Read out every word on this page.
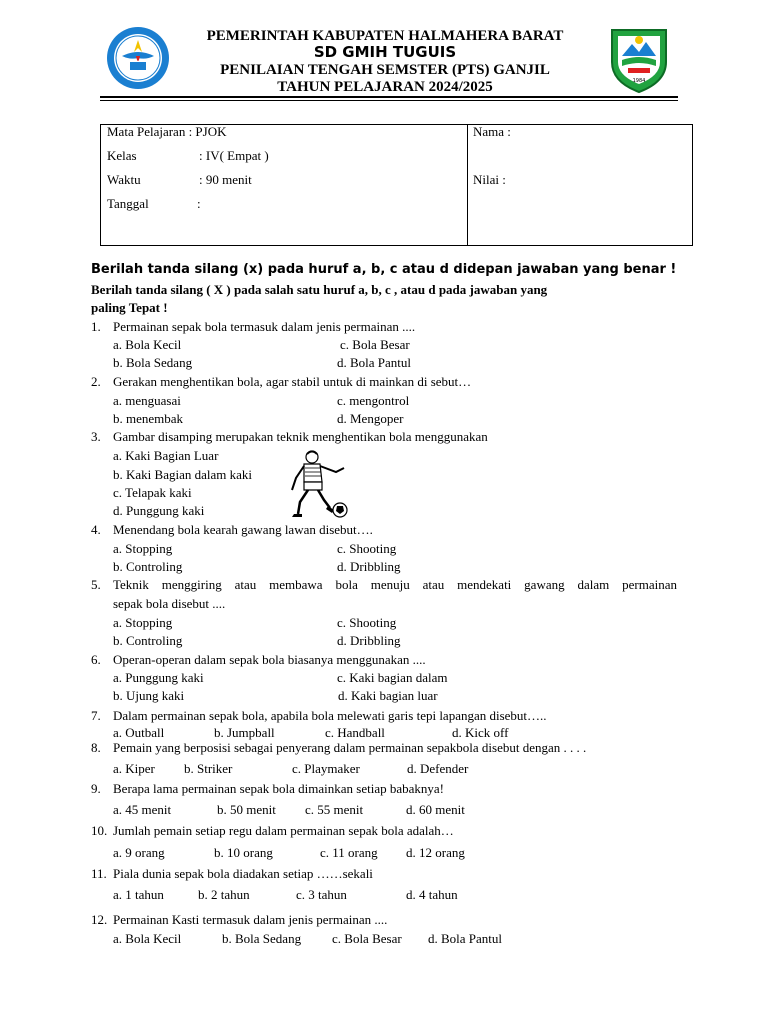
1984
PEMERINTAH KABUPATEN HALMAHERA BARAT
SD GMIH TUGUIS
PENILAIAN TENGAH SEMSTER (PTS) GANJIL
TAHUN PELAJARAN 2024/2025
Mata Pelajaran : PJOK
Kelas	: IV( Empat )
Waktu	: 90 menit
Tanggal	:
Nama :
Nilai :
Berilah tanda silang (x) pada huruf a, b, c atau d didepan jawaban yang benar !
Berilah tanda silang ( X ) pada salah satu huruf a, b, c , atau d pada jawaban yang
paling Tepat !
1. Permainan sepak bola termasuk dalam jenis permainan ....
a. Bola Kecil	c. Bola Besar
b. Bola Sedang	d. Bola Pantul
2. Gerakan menghentikan bola, agar stabil untuk di mainkan di sebut…
a. menguasai	c. mengontrol
b. menembak	d. Mengoper
3. Gambar disamping merupakan teknik menghentikan bola menggunakan
a. Kaki Bagian Luar
b. Kaki Bagian dalam kaki
c. Telapak kaki
d. Punggung kaki
4. Menendang bola kearah gawang lawan disebut….
a. Stopping	c. Shooting
b. Controling	d. Dribbling
5. Teknik menggiring atau membawa bola menuju atau mendekati gawang dalam permainan
sepak bola disebut ....
a. Stopping	c. Shooting
b. Controling	d. Dribbling
6. Operan-operan dalam sepak bola biasanya menggunakan ....
a. Punggung kaki	c. Kaki bagian dalam
b. Ujung kaki	d. Kaki bagian luar
7. Dalam permainan sepak bola, apabila bola melewati garis tepi lapangan disebut…..
a. Outball	b. Jumpball	c. Handball	d. Kick off
8. Pemain yang berposisi sebagai penyerang dalam permainan sepakbola disebut dengan . . . .
a. Kiper b. Striker	c. Playmaker	d. Defender
9. Berapa lama permainan sepak bola dimainkan setiap babaknya!
a. 45 menit	b. 50 menit c. 55 menit	d. 60 menit
10. Jumlah pemain setiap regu dalam permainan sepak bola adalah…
a. 9 orang	b. 10 orang	c. 11 orang d. 12 orang
11. Piala dunia sepak bola diadakan setiap ……sekali
a. 1 tahun	b. 2 tahun	c. 3 tahun	d. 4 tahun
12. Permainan Kasti termasuk dalam jenis permainan ....
a. Bola Kecil	b. Bola Sedang c. Bola Besar d. Bola Pantul
